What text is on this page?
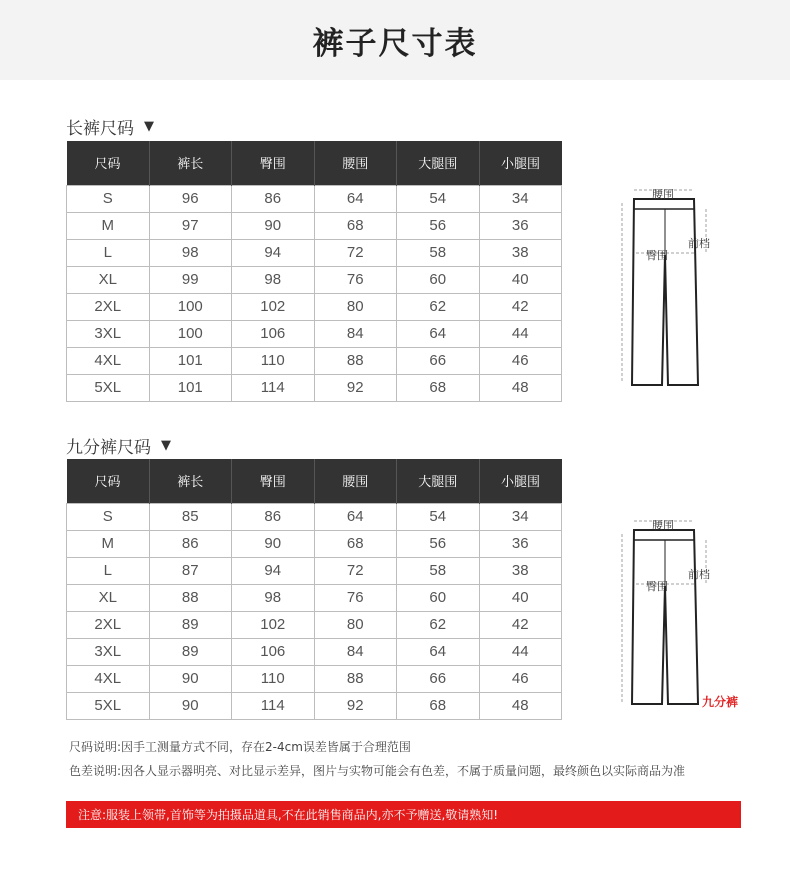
裤子尺寸表
长裤尺码 ▼
尺码	裤长	臀围	腰围	大腿围	小腿围
S	96	86	64	54	34
M	97	90	68	56	36
L	98	94	72	58	38
XL	99	98	76	60	40
2XL	100	102	80	62	42
3XL	100	106	84	64	44
4XL	101	110	88	66	46
5XL	101	114	92	68	48
腰围
前档
臀围
九分裤尺码 ▼
尺码	裤长	臀围	腰围	大腿围	小腿围
S	85	86	64	54	34
M	86	90	68	56	36
L	87	94	72	58	38
XL	88	98	76	60	40
2XL	89	102	80	62	42
3XL	89	106	84	64	44
4XL	90	110	88	66	46
5XL	90	114	92	68	48
腰围
前档
臀围
九分裤
尺码说明:因手工测量方式不同，存在2-4cm误差皆属于合理范围
色差说明:因各人显示器明亮、对比显示差异，图片与实物可能会有色差，不属于质量问题，最终颜色以实际商品为准
注意:服装上领带,首饰等为拍摄品道具,不在此销售商品内,亦不予赠送,敬请熟知!
